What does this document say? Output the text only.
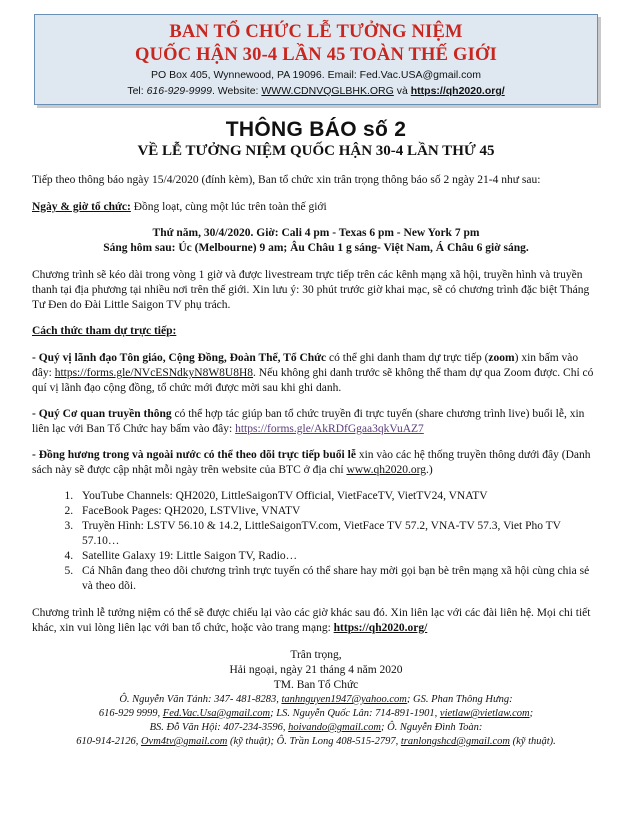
BAN TỔ CHỨC LỄ TƯỞNG NIỆM
QUỐC HẬN 30-4 LẦN 45 TOÀN THẾ GIỚI
PO Box 405, Wynnewood, PA 19096. Email: Fed.Vac.USA@gmail.com
Tel: 616-929-9999. Website: WWW.CDNVQGLBHK.ORG và https://qh2020.org/
THÔNG BÁO số 2
VỀ LỄ TƯỞNG NIỆM QUỐC HẬN 30-4 LẦN THỨ 45

Tiếp theo thông báo ngày 15/4/2020 (đính kèm), Ban tổ chức xin trân trọng thông báo số 2 ngày 21-4 như sau:

Ngày & giờ tổ chức: Đồng loạt, cùng một lúc trên toàn thế giới

Thứ năm, 30/4/2020. Giờ: Cali 4 pm - Texas 6 pm - New York 7 pm
Sáng hôm sau: Úc (Melbourne) 9 am; Âu Châu 1 g sáng- Việt Nam, Á Châu 6 giờ sáng.

Chương trình sẽ kéo dài trong vòng 1 giờ và được livestream trực tiếp trên các kênh mạng xã hội, truyền hình và truyền thanh tại địa phương tại nhiều nơi trên thế giới. Xin lưu ý: 30 phút trước giờ khai mạc, sẽ có chương trình đặc biệt Tháng Tư Đen do Đài Little Saigon TV phụ trách.

Cách thức tham dự trực tiếp:

- Quý vị lãnh đạo Tôn giáo, Cộng Đồng, Đoàn Thể, Tổ Chức có thể ghi danh tham dự trực tiếp (zoom) xin bấm vào đây: https://forms.gle/NVcESNdkyN8W8U8H8. Nếu không ghi danh trước sẽ không thể tham dự qua Zoom được. Chỉ có quí vị lãnh đạo cộng đồng, tổ chức mới được mời sau khi ghi danh.

- Quý Cơ quan truyền thông có thể hợp tác giúp ban tổ chức truyền đi trực tuyến (share chương trình live) buổi lễ, xin liên lạc với Ban Tổ Chức hay bấm vào đây: https://forms.gle/AkRDfGgaa3qkVuAZ7

- Đồng hương trong và ngoài nước có thể theo dõi trực tiếp buổi lễ xin vào các hệ thống truyền thông dưới đây (Danh sách này sẽ được cập nhật mỗi ngày trên website của BTC ở địa chỉ www.qh2020.org.)

1. YouTube Channels: QH2020, LittleSaigonTV Official, VietFaceTV, VietTV24, VNATV
2. FaceBook Pages: QH2020, LSTVlive, VNATV
3. Truyền Hình: LSTV 56.10 & 14.2, LittleSaigonTV.com, VietFace TV 57.2, VNA-TV 57.3, Viet Pho TV 57.10…
4. Satellite Galaxy 19: Little Saigon TV, Radio…
5. Cá Nhân đang theo dõi chương trình trực tuyến có thể share hay mời gọi bạn bè trên mạng xã hội cùng chia sẻ và theo dõi.

Chương trình lễ tưởng niệm có thể sẽ được chiếu lại vào các giờ khác sau đó. Xin liên lạc với các đài liên hệ. Mọi chi tiết khác, xin vui lòng liên lạc với ban tổ chức, hoặc vào trang mạng: https://qh2020.org/

Trân trọng,
Hải ngoại, ngày 21 tháng 4 năm 2020
TM. Ban Tổ Chức
Ô. Nguyễn Văn Tánh: 347- 481-8283, tanhnguyen1947@yahoo.com; GS. Phan Thông Hưng:
616-929 9999, Fed.Vac.Usa@gmail.com; LS. Nguyễn Quốc Lân: 714-891-1901, vietlaw@vietlaw.com;
BS. Đỗ Văn Hội: 407-234-3596, hoivando@gmail.com; Ô. Nguyễn Đình Toàn:
610-914-2126, Ovm4tv@gmail.com (kỹ thuật); Ô. Trần Long 408-515-2797, tranlongshcd@gmail.com (kỹ thuật).
